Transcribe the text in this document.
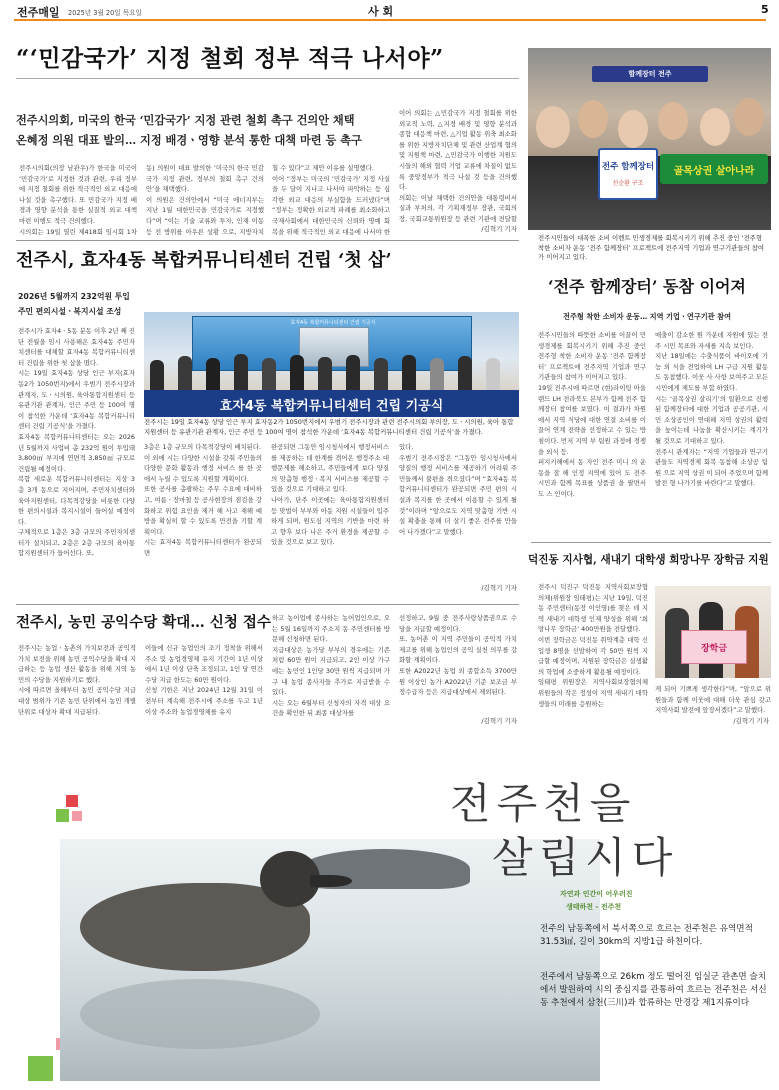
전주매일 2025년 3월 20일 목요일	사 회	5
“‘민감국가’ 지정 철회 정부 적극 나서야”
전주시의회, 미국의 한국 ‘민감국가’ 지정 관련 철회 촉구 건의안 채택
온혜정 의원 대표 발의… 지정 배경ㆍ영향 분석 통한 대책 마련 등 촉구
전주시의회(의장 남관우)가 한국을 미국이 ‘민감국가’로 지정한 것과 관련, 우리 정부에 지정 철회를 위한 적극적인 외교 대응에 나설 것을 촉구했다. 또 민감국가 지정 배경과 영향 분석을 통한 실질적 외교 대책 마련 이행도 적극 건의했다.
시의회는 19일 열린 제418회 임시회 1차
동) 의원이 대표 발의한 ‘미국의 한국 민감국가 지정 관련, 정부의 철회 촉구 건의안’을 채택했다.
이 의원은 건의안에서 “미국 에너지부는 지난 1월 대한민국을 민감국가로 지정했다”며 “이는 기술 교류와 투자, 인재 이동 등 전 방위를 아우른 상황 으로, 지방자치
칠 수 있다”고 제안 이유를 설명했다.
이어 “정부는 미국의 ‘민감국가’ 지정 사실을 두 달이 지나고 나서야 파악하는 등 심각한 외교 대응의 부실함을 드러냈다”며 “정부는 정확한 외교적 파례를 최소화하고 국제사회에서 대한민국의 신뢰와 명예 회복을 위해 적극적인 외교 대응에 나서야 한
이어 의회는 △민감국가 지정 철회를 위한 외교적 노력, △지정 배경 및 영향 분석과 종합 대응책 마련, △기업 활동 위축 최소화를 위한 지방자치단체 및 관련 산업계 협의 및 지원책 마련, △민감국가 이행한 지원도시들의 해외 협력 기업 교류에 차질이 없도록 중앙정부가 적극 나설 것 등을 건의했다.
의회는 이날 채택한 건의안을 대통령비서실과 부처의, 각 기획재정부 장관, 국회의장, 국회교통위원장 등 관련 기관에 전달할
/김혁기 기자
전주시, 효자4동 복합커뮤니티센터 건립 ‘첫 삽’
2026년 5월까지 232억원 투입
주민 편의시설ㆍ복지시설 조성
전주시가 효자4ㆍ5동 분동 이후 2년 째 진단 전월을 임시 사용해온 효자4동 주민자치센터를 대체할 효자4동 복합커뮤니티센터 건립을 위한 첫 삽을 떴다.
시는 19일 효자4동 상당 인근 부지(효자동2가 1050번지)에서 우범기 전주시장과 관계자, 도ㆍ시의원, 육아통합지원센터 등 유관기관 관계자, 인근 주민 등 100여 명이 참석한 가운데 ‘효자4동 복합커뮤니티센터 건립 기공식’을 가졌다.
효자4동 복합커뮤니티센터는 오는 2026년 5월까지 사업비 총 232억 원이 투입돼 3,800㎡ 부지에 연면적 3,850㎡ 규모로 건립될 예정이다.
복합 새로운 복합커뮤니티센터는 지상 3층 3개 동으로 지어지며, 주민자치센터와 육아지원센터, 다목적강당을 비롯한 다양한 편의시설과 복지시설이 들어설 예정이다.
구체적으로 1층은 3층 규모의 주민자치센터가 설치되고, 2층은 2층 규모의 육아통합지원센터가 들어선다. 또,
효자4동 복합커뮤니티센터 건립 기공식
효자4동 복합커뮤니티센터 건립 기공식
전주시는 19일 효자4동 상당 인근 부지 효자동2가 1050번지에서 우범기 전주시장과 관련 전주시의회 부의장, 도ㆍ시의원, 육아 통합지원센터 등 유관기관 관계자, 인근 주민 등 100여 명이 참석한 가운데 ‘효자4동 복합커뮤니티센터 건립 기공식’을 가졌다.
3층은 1층 규모의 다목적강당이 배치된다.
이 외에 시는 다양한 시설을 갖춰 주민들의 다양한 문화 활동과 행정 서비스 를 한 곳에서 누릴 수 있도록 지원할 계획이다.
또한 공사를 총괄하는 주무 수요에 대비하고, 여름ㆍ장마철 등 공사현장의 점검을 강화하고 위험 요인을 제거 해 사고 재해 예방을 확실히 할 수 있도록 만전을 기할 계획이다.
시는 효자4동 복합커뮤니티센터가 완공되면
완공되면 그동안 임시청사에서 행정서비스를 제공하는 데 한계를 겪어온 행정주소 대행문제를 해소하고, 주민들에게 보다 양질의 맞춤형 행정ㆍ복지 서비스를 제공할 수 있을 것으로 기대하고 있다.
나아가, 단주 이곳에는 육아통합지원센터 등 맞벌이 부부와 아동 지원 시설들이 입주하게 되며, 원도심 지역의 기반을 마련 하고 향후 보다 나은 주거 환경을 제공할 수 있을 것으로 보고 있다.
있다.
우범기 전주시장은 “그동안 임시청사에서 양질의 행정 서비스를 제공하기 어려워 주민들께서 불편을 겪으셨다”며 “효자4동 복합커뮤니티센터가 완공되면 주민 편의 시설과 복지를 한 곳에서 이용할 수 있게 될 것”이라며 “앞으로도 지역 맞춤형 기반 시설 확충을 통해 더 살기 좋은 전주를 만들어 나가겠다”고 말했다.
/김혁기 기자
전주시, 농민 공익수당 확대… 신청 접수
전주시는 농업ㆍ농촌의 가치보전과 공익적 가치 보전을 위해 농민 공익수당을 확대 지급하는 등 농업 생산 활동을 위해 지역 농민의 수당을 지원하기로 했다.
시에 따르면 올해부터 농민 공익수당 지급 대상 범위가 기존 농민 단위에서 농민 개별단위로 대상자 확대 지급된다.
이들에 신규 농업인의 조기 정착을 위해서 주소 및 농업경영체 유지 기간이 1년 이상에서 1년 이상 단축 조정되고, 1인 당 연간 수당 지급 한도는 60만 원이다.
신청 기한은 지난 2024년 12월 31일 이전부터 계속해 전주시에 주소를 두고 1년 이상 주소와 농업경영체를 유지
하고 농어업에 종사하는 농어업인으로, 오는 5월 16일까지 주소지 동 주민센터를 방문해 신청하면 된다.
지급대상은 농가당 부부의 경우에는 기존처럼 60만 원이 지급되고, 2인 이상 가구에는 농민인 1인당 30만 원씩 지급되며 가구 내 농업 종사자들 추가로 지급받을 수 있다.
시는 오는 6월부터 신청자의 자격 대상 요건을 확인한 뒤 최종 대상자를
선정하고, 9월 중 전주사랑상품권으로 수당을 지급할 예정이다.
또, 농어촌 이 지역 주민들이 공익적 가치 제고를 위해 농업인의 공익 실천 의무를 강화할 계획이다.
또한 A2022년 농업 외 종합소득 3700만 원 이상인 농가 A2022년 기준 보조금 부정수급자 등은 지급대상에서 제외된다.
/김혁기 기자
함께장터 전주
전주 함께장터
선순환 구조
골목상권 살아나라
전주시민들이 대폭한 소비 이벤트 민생경제를 회복시키기 위해 추진 중인 ‘전주형 착한 소비자 운동 ‘전주 함께장터’ 프로젝트에 전주지역 기업과 연구기관들의 참여가 이어지고 있다.
‘전주 함께장터’ 동참 이어져
전주형 착한 소비자 운동… 지역 기업ㆍ연구기관 참여
전주시민들의 따뜻한 소비를 이끌어 민생경제를 회복시키기 위해 추진 중인 전주형 착한 소비자 운동 ‘전주 함께장터’ 프로젝트에 전주지역 기업과 연구기관들의 참여가 이어지고 있다.
19일 전주시에 따르면 (현)라이팅 아울랜드 LH 전라북도 본부가 함께 전주 함께장터 참여를 보였다. 이 결과가 차원에서 지역 식당에 대한 연결 소비를 이끌어 연계 전략을 선정하고 수 있는 방침이다. 먼저 지역 부 팀원 과정에 경쟁을 외식 등.
퍼지키해에서 동 자인 전주 미니 의 운동을 잘 해 인정 지역에 있어 도 전주 시민과 함께 목표를 상품권 을 팔면서도 스 인이다.
매출이 감소한 원 가운데 자원에 있는 전주 시민 목표와 자세를 지속 보인다.
지난 18일에는 수출식품이 바이오에 기능 외 식을 전업하여 LH 구급 지원 활동도 동참했다. 이웃 사 사항 보여주고 모든 시민에게 제도를 부합 하였다.
시는 ‘골목상권 살리기’의 일환으로 진행 된 함께장터에 대한 기업과 공공기관, 시민 소상공인이 연대해 지역 상권의 활력을 높이는데 나눔을 확산시키는 계기가 될 것으로 기대하고 있다.
전주시 관계자는 “지역 기업들과 연구기관들도 지역경제 회복 동참해 소상공 팀원 으로 지역 상권 이 되어 주었으며 함께 발전 형 나가기를 바란다”고 말했다.
덕진동 지사협, 새내기 대학생 희망나무 장학금 지원
전주시 덕진구 덕진동 지역사회보장협의체(위원장 임태평)는 지난 19일, 덕진동 주민센터(동장 이인영)를 찾은 데 지역 새내기 대학생 인재 양성을 위해 ‘희망나무 장학금’ 400만원을 전달했다.
이번 장학금은 덕진동 취약계층 대학 신입생 8명을 선발하여 각 50만 원씩 지급할 예정이며, 지원된 장학금은 실생활의 학업에 소중하게 활용될 예정이다.
임태평 위원장은 지역사회보장협의체 위원들의 작은 정성이 지역 새내기 대학생들의 미래를 응원하는
장학금
게 되어 기쁘게 생각한다”며, “앞으로 위원들과 함께 이웃에 대해 더욱 관심 갖고 지역사회 발전에 앞장서겠다”고 말했다.
/김혁기 기자
전주천을
살립시다
자연과 인간이 어우러진
생태하천 - 전주천
전주의 남동쪽에서 북서쪽으로 흐르는 전주천은 유역면적 31.53㎢, 길이 30km의 지방1급 하천이다.
전주에서 남동쪽으로 26km 정도 떨어진 임실군 관촌면 슬치에서 발원하여 시의 중심지를 관통하여 흐르는 전주천은 서신동 추천에서 삼천(三川)과 합류하는 만경강 제1지류이다
